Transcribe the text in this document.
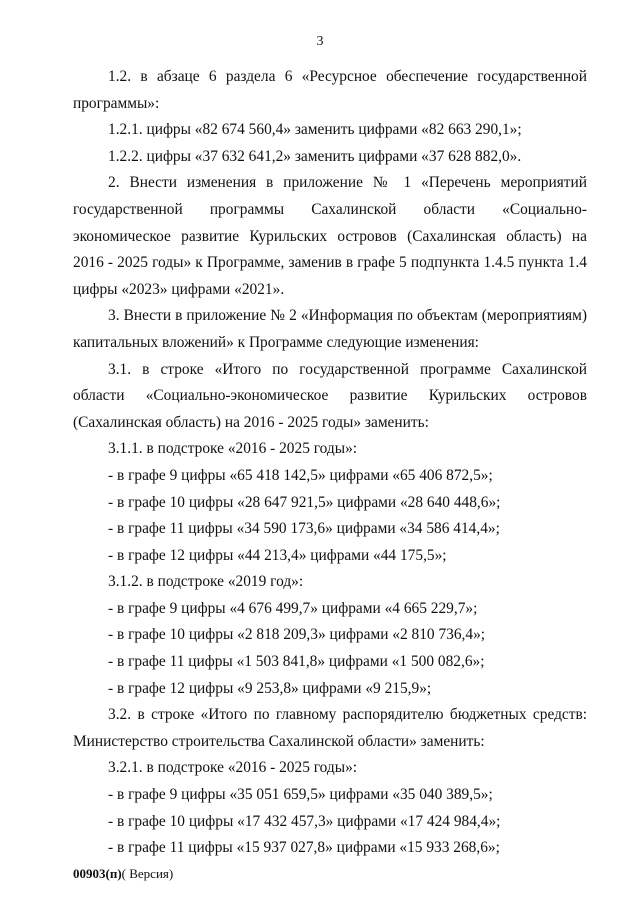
3
1.2. в абзаце 6 раздела 6 «Ресурсное обеспечение государственной
программы»:
1.2.1. цифры «82 674 560,4» заменить цифрами «82 663 290,1»;
1.2.2. цифры «37 632 641,2» заменить цифрами «37 628 882,0».
2. Внести изменения в приложение № 1 «Перечень мероприятий
государственной программы Сахалинской области «Социально-
экономическое развитие Курильских островов (Сахалинская область) на
2016 - 2025 годы» к Программе, заменив в графе 5 подпункта 1.4.5 пункта 1.4
цифры «2023» цифрами «2021».
3. Внести в приложение № 2 «Информация по объектам (мероприятиям)
капитальных вложений» к Программе следующие изменения:
3.1. в строке «Итого по государственной программе Сахалинской
области «Социально-экономическое развитие Курильских островов
(Сахалинская область) на 2016 - 2025 годы» заменить:
3.1.1. в подстроке «2016 - 2025 годы»:
- в графе 9 цифры «65 418 142,5» цифрами «65 406 872,5»;
- в графе 10 цифры «28 647 921,5» цифрами «28 640 448,6»;
- в графе 11 цифры «34 590 173,6» цифрами «34 586 414,4»;
- в графе 12 цифры «44 213,4» цифрами «44 175,5»;
3.1.2. в подстроке «2019 год»:
- в графе 9 цифры «4 676 499,7» цифрами «4 665 229,7»;
- в графе 10 цифры «2 818 209,3» цифрами «2 810 736,4»;
- в графе 11 цифры «1 503 841,8» цифрами «1 500 082,6»;
- в графе 12 цифры «9 253,8» цифрами «9 215,9»;
3.2. в строке «Итого по главному распорядителю бюджетных средств:
Министерство строительства Сахалинской области» заменить:
3.2.1. в подстроке «2016 - 2025 годы»:
- в графе 9 цифры «35 051 659,5» цифрами «35 040 389,5»;
- в графе 10 цифры «17 432 457,3» цифрами «17 424 984,4»;
- в графе 11 цифры «15 937 027,8» цифрами «15 933 268,6»;
00903(п)( Версия)
